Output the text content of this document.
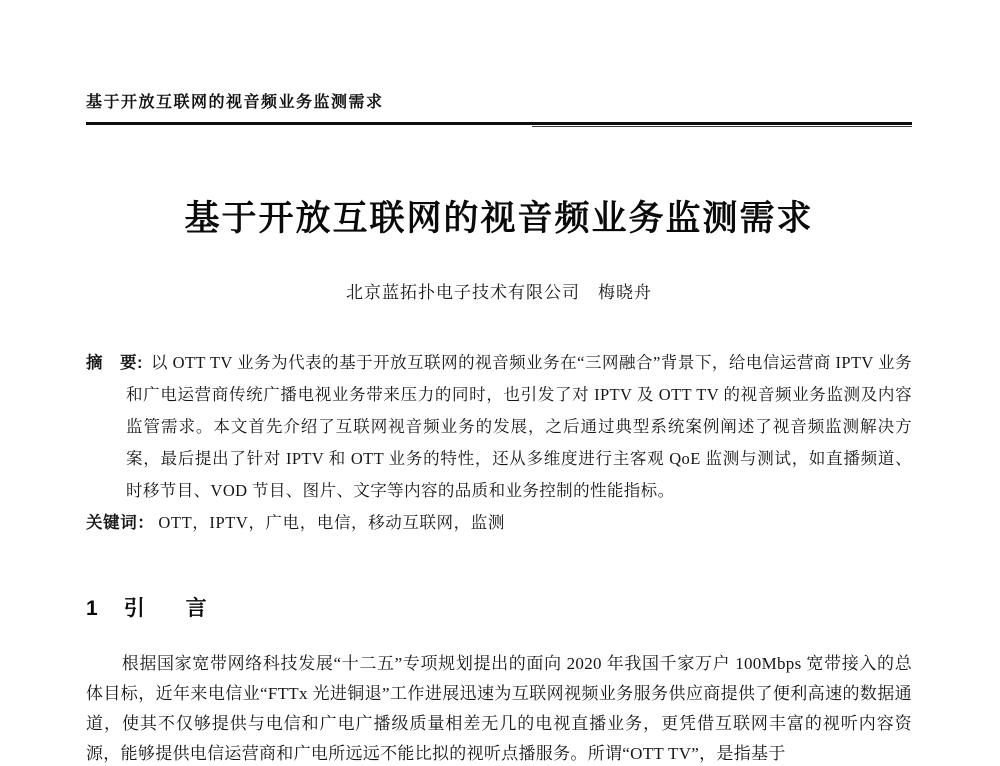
基于开放互联网的视音频业务监测需求
基于开放互联网的视音频业务监测需求
北京蓝拓扑电子技术有限公司　梅晓舟

摘　要: 以 OTT TV 业务为代表的基于开放互联网的视音频业务在“三网融合”背景下，给电信运营商 IPTV 业务和广电运营商传统广播电视业务带来压力的同时，也引发了对 IPTV 及 OTT TV 的视音频业务监测及内容监管需求。本文首先介绍了互联网视音频业务的发展，之后通过典型系统案例阐述了视音频监测解决方案，最后提出了针对 IPTV 和 OTT 业务的特性，还从多维度进行主客观 QoE 监测与测试，如直播频道、时移节目、VOD 节目、图片、文字等内容的品质和业务控制的性能指标。

关键词： OTT，IPTV，广电，电信，移动互联网，监测
1 引　言

根据国家宽带网络科技发展“十二五”专项规划提出的面向 2020 年我国千家万户 100Mbps 宽带接入的总体目标，近年来电信业“FTTx 光进铜退”工作进展迅速为互联网视频业务服务供应商提供了便利高速的数据通道，使其不仅够提供与电信和广电广播级质量相差无几的电视直播业务，更凭借互联网丰富的视听内容资源，能够提供电信运营商和广电所远远不能比拟的视听点播服务。所谓“OTT TV”，是指基于
